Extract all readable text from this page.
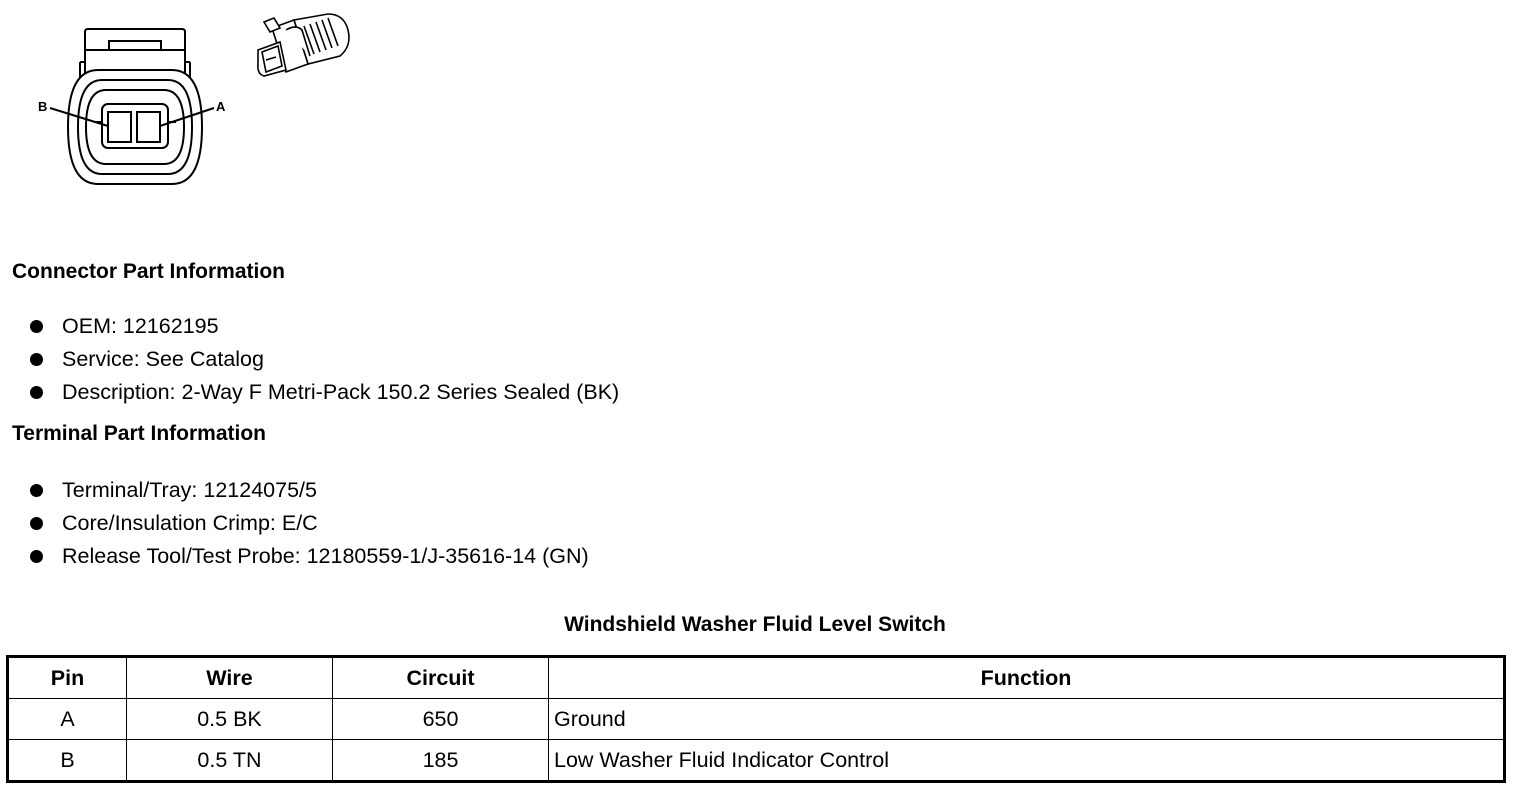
B	A
Connector Part Information
OEM: 12162195
Service: See Catalog
Description: 2-Way F Metri-Pack 150.2 Series Sealed (BK)
Terminal Part Information
Terminal/Tray: 12124075/5
Core/Insulation Crimp: E/C
Release Tool/Test Probe: 12180559-1/J-35616-14 (GN)
Windshield Washer Fluid Level Switch
Pin	Wire	Circuit	Function
A	0.5 BK	650	Ground
B	0.5 TN	185	Low Washer Fluid Indicator Control
